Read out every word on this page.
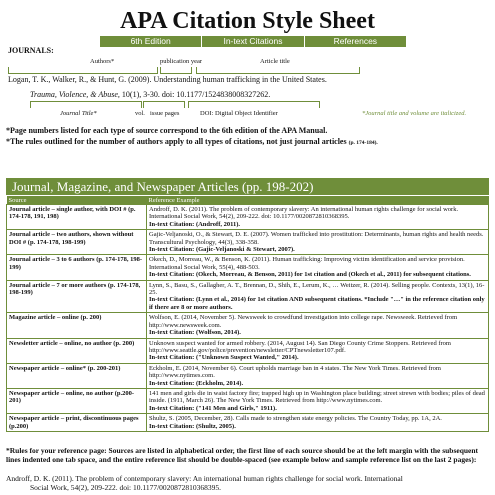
APA Citation Style Sheet
6th Edition	In-text Citations	References
JOURNALS:
Authors*	publication year	Article title
Logan, T. K., Walker, R., & Hunt, G. (2009). Understanding human trafficking in the United States.
Trauma, Violence, & Abuse, 10(1), 3-30. doi: 10.1177/1524838008327262.
Journal Title*	vol. issue pages	DOI: Digital Object Identifier	*Journal title and volume are italicized.
*Page numbers listed for each type of source correspond to the 6th edition of the APA Manual.
*The rules outlined for the number of authors apply to all types of citations, not just journal articles (p. 174-184).
Journal, Magazine, and Newspaper Articles (pp. 198-202)
Source	Reference Example
Journal article – single author, with DOI # (p. 174-178, 191, 198)	Androff, D. K. (2011). The problem of contemporary slavery: An international human rights challenge for social work. International Social Work, 54(2), 209-222. doi: 10.1177/0020872810368395.
In-text Citation: (Androff, 2011).

Journal article – two authors, shown without DOI # (p. 174-178, 198-199)	Gajic-Veljanoski, O., & Stewart, D. E. (2007). Women trafficked into prostitution: Determinants, human rights and health needs. Transcultural Psychology, 44(3), 338-358.
In-text Citation: (Gajic-Veljanoski & Stewart, 2007).

Journal article – 3 to 6 authors (p. 174-178, 198-199)	Okech, D., Morreau, W., & Benson, K. (2011). Human trafficking: Improving victim identification and service provision. International Social Work, 55(4), 488-503.
In-text Citation: (Okech, Morreau, & Benson, 2011) for 1st citation and (Okech et al., 2011) for subsequent citations.

Journal article – 7 or more authors (p. 174-178, 198-199)	Lynn, S., Basu, S., Gallagher, A. T., Brennan, D., Shih, E., Lerum, K., … Weitzer, R. (2014). Selling people. Contexts, 13(1), 16-25.
In-text Citation: (Lynn et al., 2014) for 1st citation AND subsequent citations. *Include "…" in the reference citation only if there are 8 or more authors.

Magazine article – online (p. 200)	Wolfson, E. (2014, November 5). Newsweek to crowdfund investigation into college rape. Newsweek. Retrieved from http://www.newsweek.com.
In-text Citation: (Wolfson, 2014).

Newsletter article – online, no author (p. 200)	Unknown suspect wanted for armed robbery. (2014, August 14). San Diego County Crime Stoppers. Retrieved from http://www.seattle.gov/police/prevention/newsletter/CPTnewsletter107.pdf.
In-text Citation: ("Unknown Suspect Wanted," 2014).

Newspaper article – online* (p. 200-201)	Eckholm, E. (2014, November 6). Court upholds marriage ban in 4 states. The New York Times. Retrieved from http://www.nytimes.com.
In-text Citation: (Eckholm, 2014).

Newspaper article – online, no author (p.200-201)	141 men and girls die in waist factory fire; trapped high up in Washington place building; street strewn with bodies; piles of dead inside. (1911, March 26). The New York Times. Retrieved from http://www.nytimes.com.
In-text Citation: ("141 Men and Girls," 1911).

Newspaper article – print, discontinuous pages (p.200)	Shultz, S. (2005, December, 28). Calls made to strengthen state energy policies. The Country Today, pp. 1A, 2A.
In-text Citation: (Shultz, 2005).
*Rules for your reference page: Sources are listed in alphabetical order, the first line of each source should be at the left margin with the subsequent lines indented one tab space, and the entire reference list should be double-spaced (see example below and sample reference list on the last 2 pages):
Androff, D. K. (2011). The problem of contemporary slavery: An international human rights challenge for social work. International
Social Work, 54(2), 209-222. doi: 10.1177/0020872810368395.
